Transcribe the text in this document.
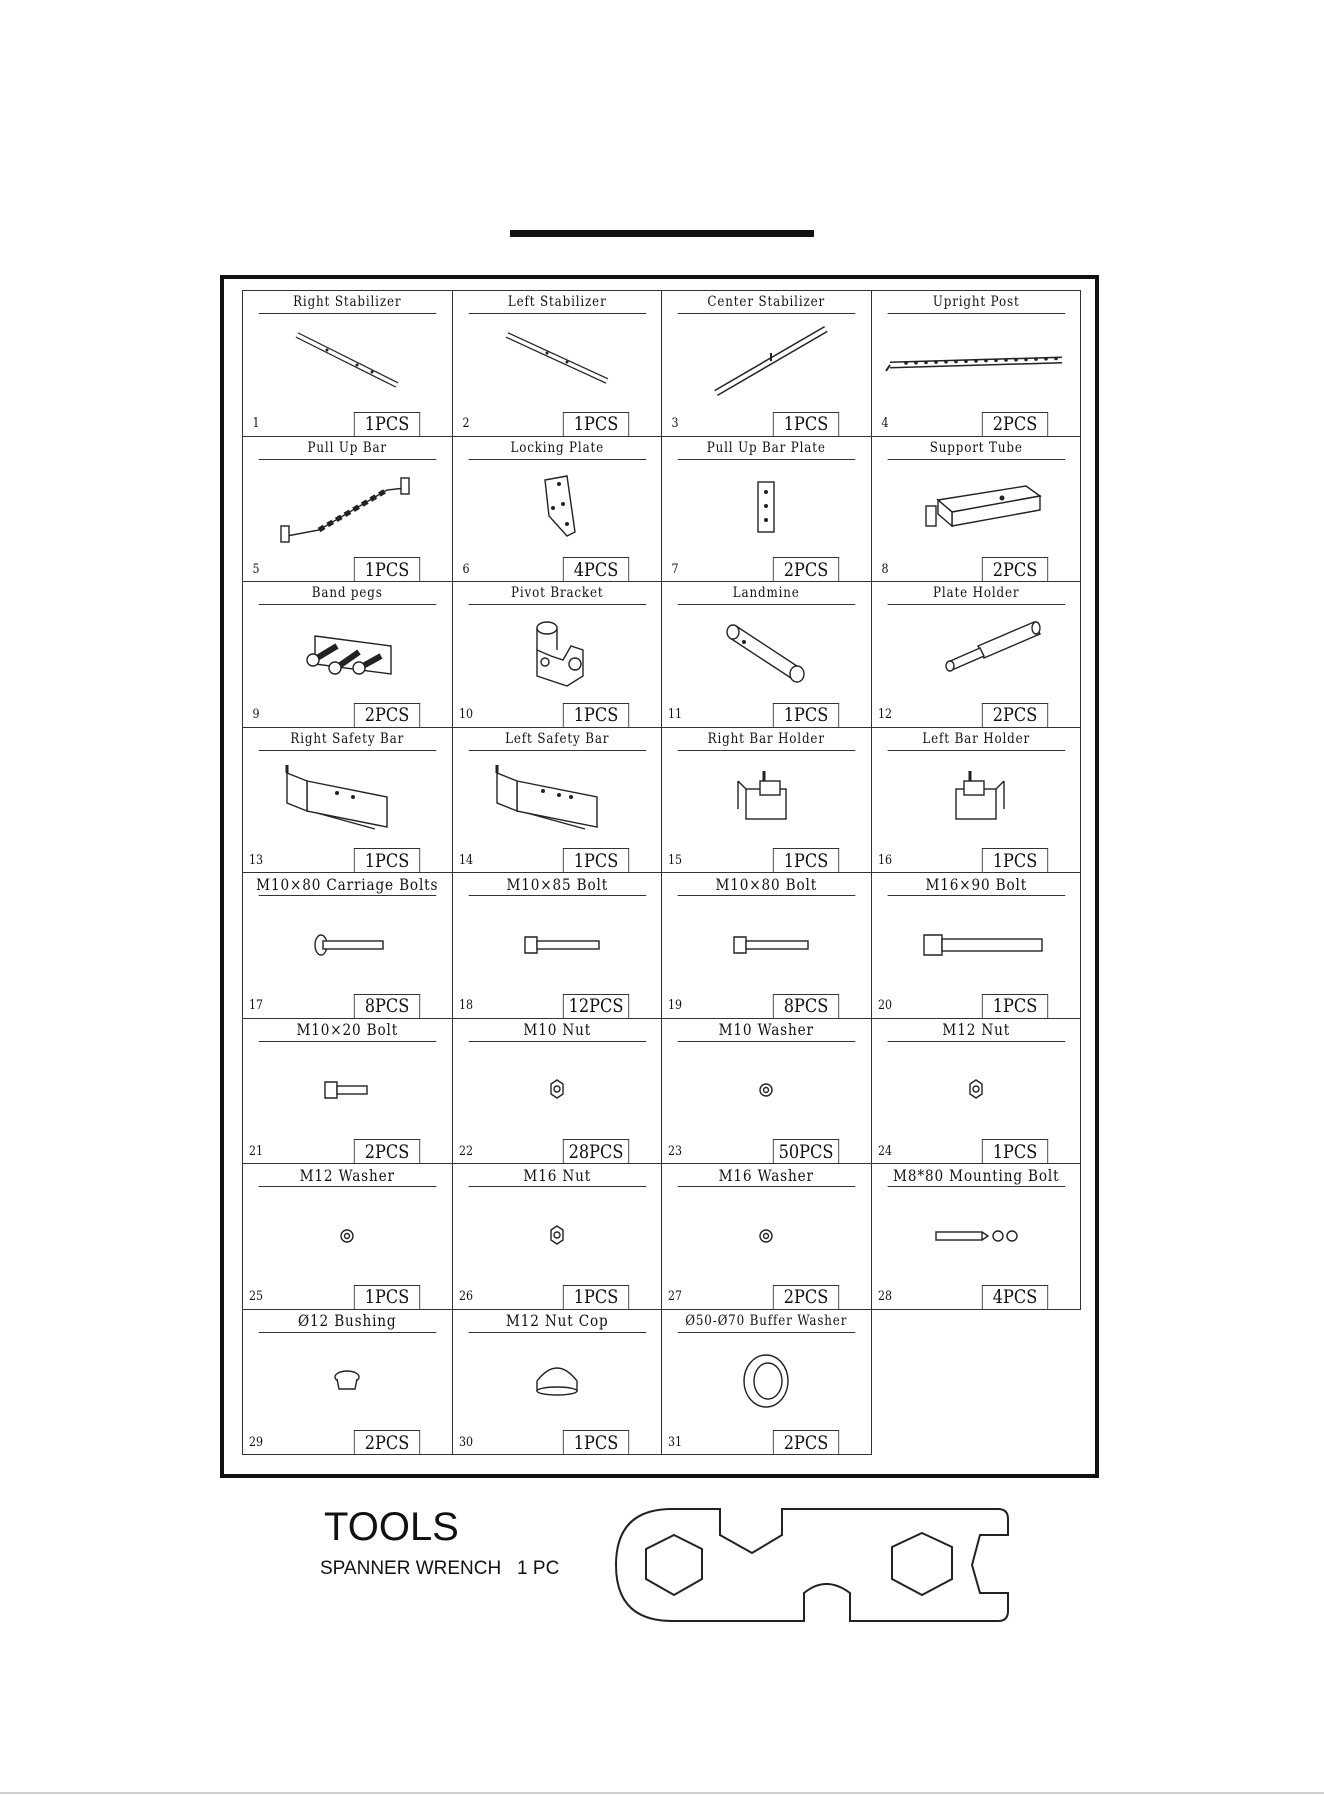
Right Stabilizer
1	1PCS
Left Stabilizer
2	1PCS
Center Stabilizer
3	1PCS
Upright Post
4	2PCS
Pull Up Bar
5	1PCS
Locking Plate
6	4PCS
Pull Up Bar Plate
7	2PCS
Support Tube
8	2PCS
Band pegs
9	2PCS
Pivot Bracket
10	1PCS
Landmine
11	1PCS
Plate Holder
12	2PCS
Right Safety Bar
13	1PCS
Left Safety Bar
14	1PCS
Right Bar Holder
15	1PCS
Left Bar Holder
16	1PCS
M10×80 Carriage Bolts
17	8PCS
M10×85 Bolt
18	12PCS
M10×80 Bolt
19	8PCS
M16×90 Bolt
20	1PCS
M10×20 Bolt
21	2PCS
M10 Nut
22	28PCS
M10 Washer
23	50PCS
M12 Nut
24	1PCS
M12 Washer
25	1PCS
M16 Nut
26	1PCS
M16 Washer
27	2PCS
M8*80 Mounting Bolt
28	4PCS
Ø12 Bushing
29	2PCS
M12 Nut Cop
30	1PCS
Ø50-Ø70 Buffer Washer
31	2PCS
TOOLS
SPANNER WRENCH   1 PC
